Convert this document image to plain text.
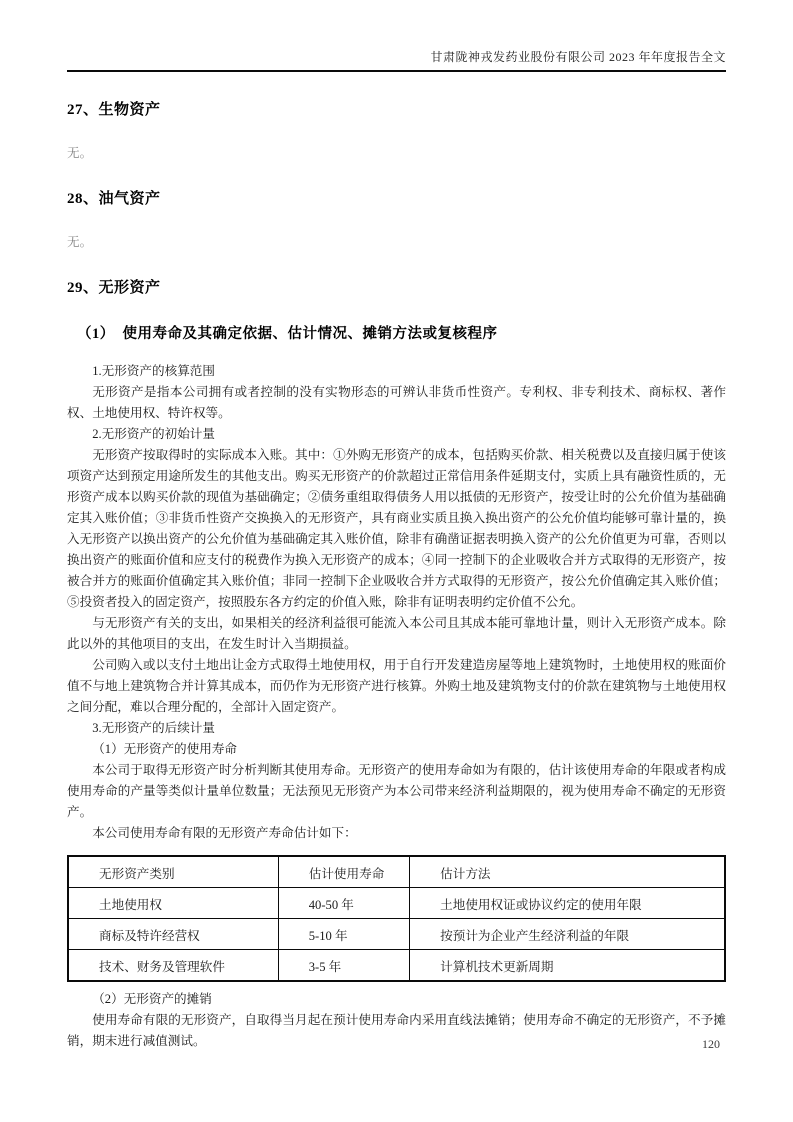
甘肃陇神戎发药业股份有限公司 2023 年年度报告全文
27、生物资产
无。
28、油气资产
无。
29、无形资产
（1）　使用寿命及其确定依据、估计情况、摊销方法或复核程序

1.无形资产的核算范围

无形资产是指本公司拥有或者控制的没有实物形态的可辨认非货币性资产。专利权、非专利技术、商标权、著作权、土地使用权、特许权等。

2.无形资产的初始计量

无形资产按取得时的实际成本入账。其中：①外购无形资产的成本，包括购买价款、相关税费以及直接归属于使该项资产达到预定用途所发生的其他支出。购买无形资产的价款超过正常信用条件延期支付，实质上具有融资性质的，无形资产成本以购买价款的现值为基础确定；②债务重组取得债务人用以抵债的无形资产，按受让时的公允价值为基础确定其入账价值；③非货币性资产交换换入的无形资产，具有商业实质且换入换出资产的公允价值均能够可靠计量的，换入无形资产以换出资产的公允价值为基础确定其入账价值，除非有确凿证据表明换入资产的公允价值更为可靠，否则以换出资产的账面价值和应支付的税费作为换入无形资产的成本；④同一控制下的企业吸收合并方式取得的无形资产，按被合并方的账面价值确定其入账价值；非同一控制下企业吸收合并方式取得的无形资产，按公允价值确定其入账价值；⑤投资者投入的固定资产，按照股东各方约定的价值入账，除非有证明表明约定价值不公允。

与无形资产有关的支出，如果相关的经济利益很可能流入本公司且其成本能可靠地计量，则计入无形资产成本。除此以外的其他项目的支出，在发生时计入当期损益。

公司购入或以支付土地出让金方式取得土地使用权，用于自行开发建造房屋等地上建筑物时，土地使用权的账面价值不与地上建筑物合并计算其成本，而仍作为无形资产进行核算。外购土地及建筑物支付的价款在建筑物与土地使用权之间分配，难以合理分配的，全部计入固定资产。

3.无形资产的后续计量

（1）无形资产的使用寿命

本公司于取得无形资产时分析判断其使用寿命。无形资产的使用寿命如为有限的，估计该使用寿命的年限或者构成使用寿命的产量等类似计量单位数量；无法预见无形资产为本公司带来经济利益期限的，视为使用寿命不确定的无形资产。

本公司使用寿命有限的无形资产寿命估计如下：

无形资产类别	估计使用寿命	估计方法
土地使用权	40-50 年	土地使用权证或协议约定的使用年限
商标及特许经营权	5-10 年	按预计为企业产生经济利益的年限
技术、财务及管理软件	3-5 年	计算机技术更新周期

（2）无形资产的摊销

使用寿命有限的无形资产，自取得当月起在预计使用寿命内采用直线法摊销；使用寿命不确定的无形资产，不予摊销，期末进行减值测试。	120
